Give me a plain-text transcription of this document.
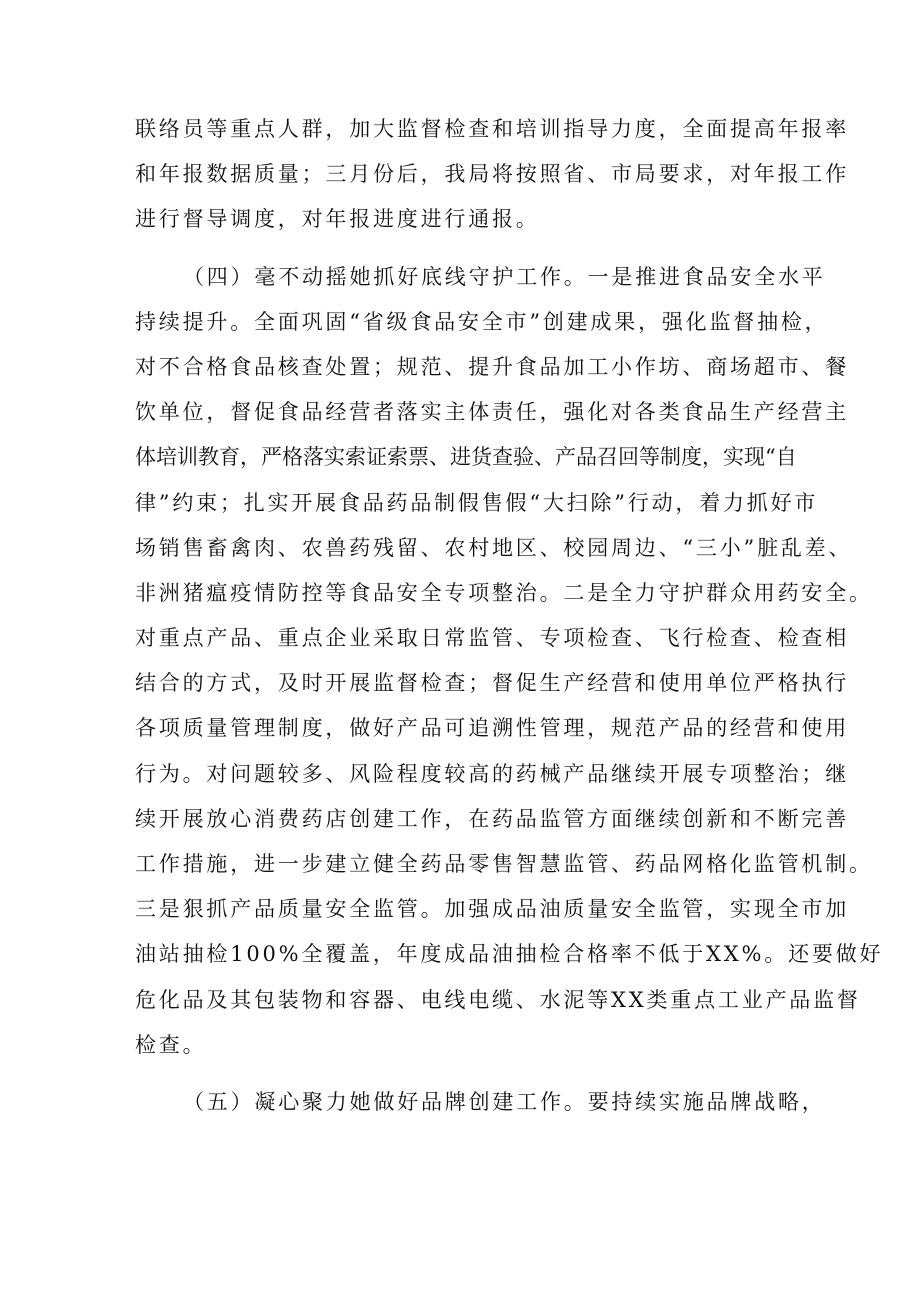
联络员等重点人群，加大监督检查和培训指导力度，全面提高年报率
和年报数据质量；三月份后，我局将按照省、市局要求，对年报工作
进行督导调度，对年报进度进行通报。
（四）毫不动摇她抓好底线守护工作。一是推进食品安全水平
持续提升。全面巩固“省级食品安全市”创建成果，强化监督抽检，
对不合格食品核查处置；规范、提升食品加工小作坊、商场超市、餐
饮单位，督促食品经营者落实主体责任，强化对各类食品生产经营主
体培训教育，严格落实索证索票、进货查验、产品召回等制度，实现“自
律”约束；扎实开展食品药品制假售假“大扫除”行动，着力抓好市
场销售畜禽肉、农兽药残留、农村地区、校园周边、“三小”脏乱差、
非洲猪瘟疫情防控等食品安全专项整治。二是全力守护群众用药安全。
对重点产品、重点企业采取日常监管、专项检查、飞行检查、检查相
结合的方式，及时开展监督检查；督促生产经营和使用单位严格执行
各项质量管理制度，做好产品可追溯性管理，规范产品的经营和使用
行为。对问题较多、风险程度较高的药械产品继续开展专项整治；继
续开展放心消费药店创建工作，在药品监管方面继续创新和不断完善
工作措施，进一步建立健全药品零售智慧监管、药品网格化监管机制。
三是狠抓产品质量安全监管。加强成品油质量安全监管，实现全市加
油站抽检100%全覆盖，年度成品油抽检合格率不低于XX%。还要做好
危化品及其包装物和容器、电线电缆、水泥等XX类重点工业产品监督
检查。
（五）凝心聚力她做好品牌创建工作。要持续实施品牌战略，
